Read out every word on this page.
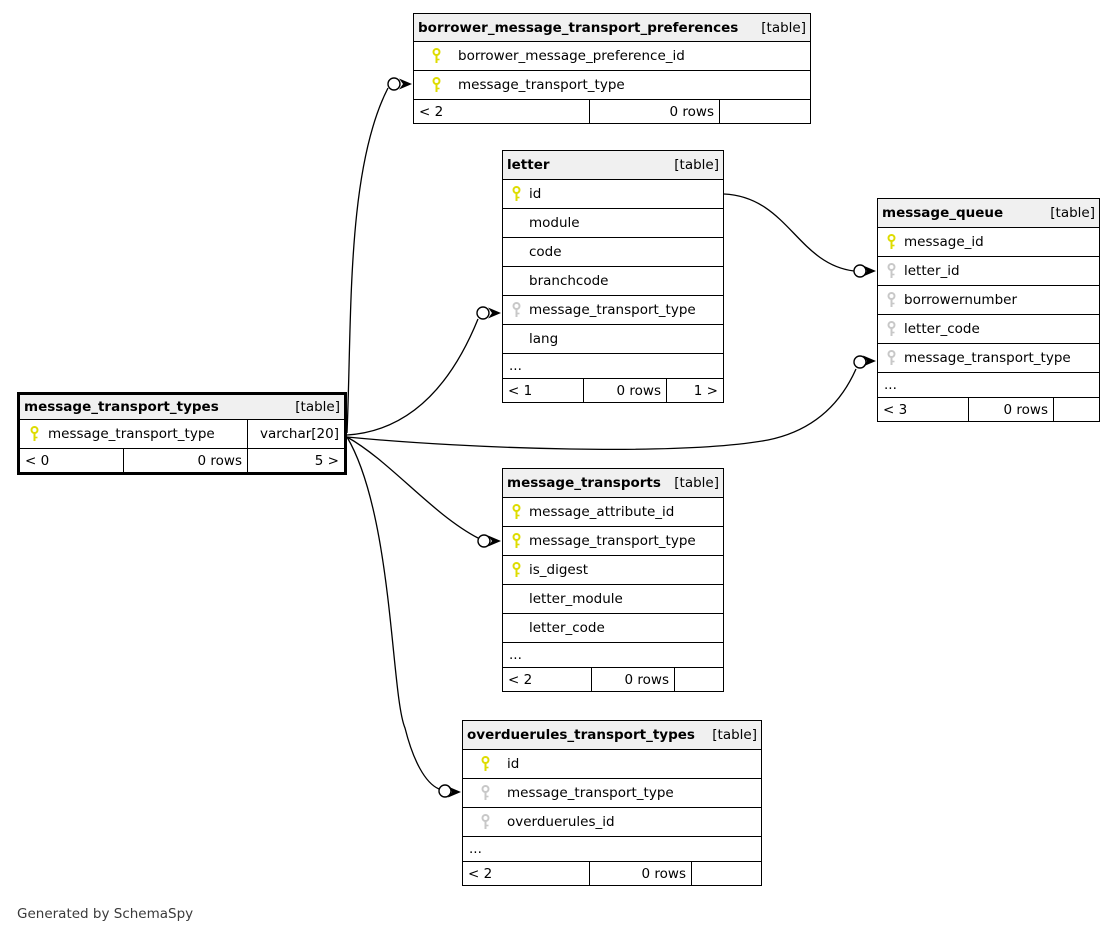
borrower_message_transport_preferences [table]
borrower_message_preference_id
message_transport_type
< 2	0 rows
letter	[table]
id
module
code
branchcode
message_transport_type
lang
...
< 1	0 rows	1 >
message_queue	[table]
message_id
letter_id
borrowernumber
letter_code
message_transport_type
...
< 3	0 rows
message_transport_types	[table]
message_transport_type	varchar[20]
< 0	0 rows	5 >
message_transports [table]
message_attribute_id
message_transport_type
is_digest
letter_module
letter_code
...
< 2	0 rows
overduerules_transport_types [table]
id
message_transport_type
overduerules_id
...
< 2	0 rows
Generated by SchemaSpy
